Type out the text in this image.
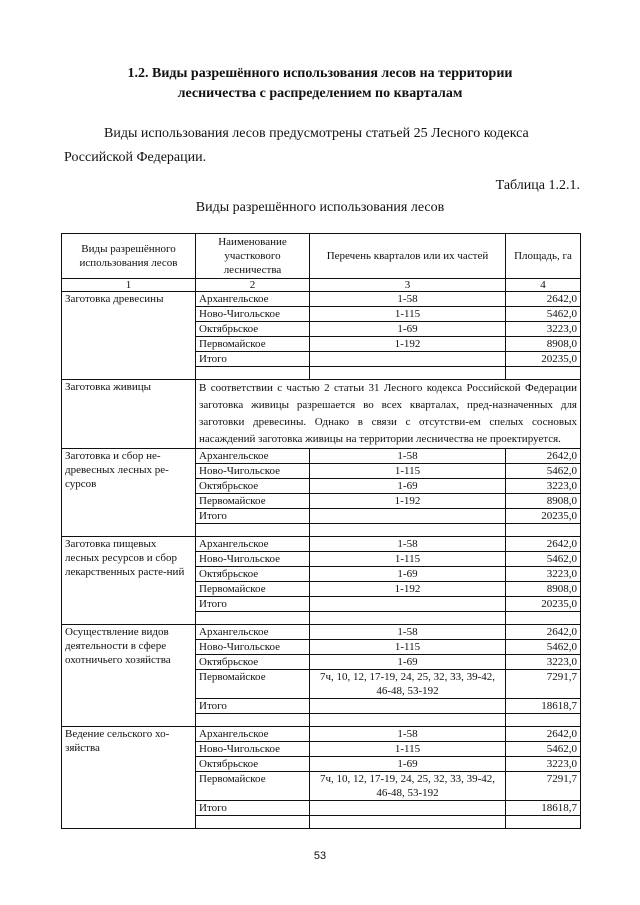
1.2. Виды разрешённого использования лесов на территории
лесничества с распределением по кварталам
Виды использования лесов предусмотрены статьей 25 Лесного кодекса Российской Федерации.
Таблица 1.2.1.
Виды разрешённого использования лесов
Виды разрешённого использования лесов	Наименование участкового лесничества	Перечень кварталов или их частей	Площадь, га
1	2	3	4
Заготовка древесины	Архангельское	1-58	2642,0
	Ново-Чигольское	1-115	5462,0
	Октябрьское	1-69	3223,0
	Первомайское	1-192	8908,0
	Итого		20235,0

Заготовка живицы	В соответствии с частью 2 статьи 31 Лесного кодекса Российской Федерации заготовка живицы разрешается во всех кварталах, пред-назначенных для заготовки древесины. Однако в связи с отсутстви-ем спелых сосновых насаждений заготовка живицы на территории лесничества не проектируется.		
Заготовка и сбор не-древесных лесных ре-сурсов	Архангельское	1-58	2642,0
	Ново-Чигольское	1-115	5462,0
	Октябрьское	1-69	3223,0
	Первомайское	1-192	8908,0
	Итого		20235,0

Заготовка пищевых лесных ресурсов и сбор лекарственных расте-ний	Архангельское	1-58	2642,0
	Ново-Чигольское	1-115	5462,0
	Октябрьское	1-69	3223,0
	Первомайское	1-192	8908,0
	Итого		20235,0

Осуществление видов деятельности в сфере охотничьего хозяйства	Архангельское	1-58	2642,0
	Ново-Чигольское	1-115	5462,0
	Октябрьское	1-69	3223,0
	Первомайское	7ч, 10, 12, 17-19, 24, 25, 32, 33, 39-42, 46-48, 53-192	7291,7
	Итого		18618,7

Ведение сельского хо-зяйства	Архангельское	1-58	2642,0
	Ново-Чигольское	1-115	5462,0
	Октябрьское	1-69	3223,0
	Первомайское	7ч, 10, 12, 17-19, 24, 25, 32, 33, 39-42, 46-48, 53-192	7291,7
	Итого		18618,7

53
